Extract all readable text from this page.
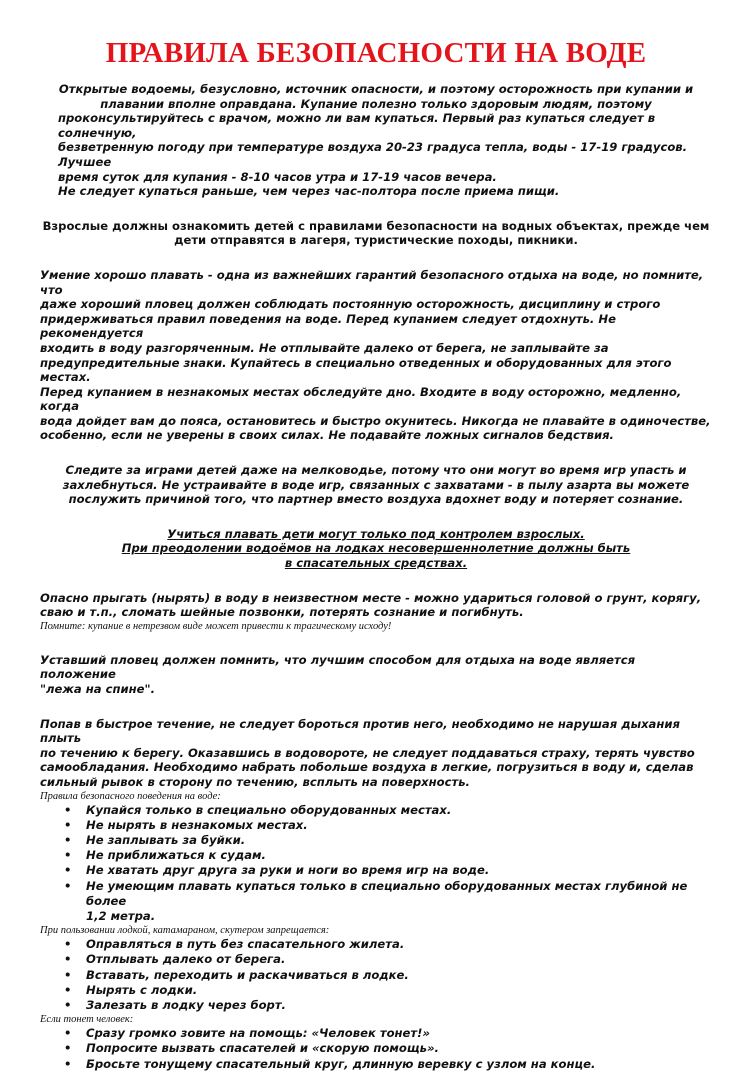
ПРАВИЛА БЕЗОПАСНОСТИ НА ВОДЕ

Открытые водоемы, безусловно, источник опасности, и поэтому осторожность при купании и

плавании вполне оправдана. Купание полезно только здоровым людям, поэтому

проконсультируйтесь с врачом, можно ли вам купаться. Первый раз купаться следует в солнечную,

безветренную погоду при температуре воздуха 20-23 градуса тепла, воды - 17-19 градусов. Лучшее

время суток для купания - 8-10 часов утра и 17-19 часов вечера.

Не следует купаться раньше, чем через час-полтора после приема пищи.

Взрослые должны ознакомить детей с правилами безопасности на водных объектах, прежде чем

дети отправятся в лагеря, туристические походы, пикники.

Умение хорошо плавать - одна из важнейших гарантий безопасного отдыха на воде, но помните, что

даже хороший пловец должен соблюдать постоянную осторожность, дисциплину и строго

придерживаться правил поведения на воде. Перед купанием следует отдохнуть. Не рекомендуется

входить в воду разгоряченным. Не отплывайте далеко от берега, не заплывайте за

предупредительные знаки. Купайтесь в специально отведенных и оборудованных для этого местах.

Перед купанием в незнакомых местах обследуйте дно. Входите в воду осторожно, медленно, когда

вода дойдет вам до пояса, остановитесь и быстро окунитесь. Никогда не плавайте в одиночестве,

особенно, если не уверены в своих силах. Не подавайте ложных сигналов бедствия.

Следите за играми детей даже на мелководье, потому что они могут во время игр упасть и

захлебнуться. Не устраивайте в воде игр, связанных с захватами - в пылу азарта вы можете

послужить причиной того, что партнер вместо воздуха вдохнет воду и потеряет сознание.

Учиться плавать дети могут только под контролем взрослых.

При преодолении водоёмов на лодках несовершеннолетние должны быть

в спасательных средствах.

Опасно прыгать (нырять) в воду в неизвестном месте - можно удариться головой о грунт, корягу,

сваю и т.п., сломать шейные позвонки, потерять сознание и погибнуть.

Помните: купание в нетрезвом виде может привести к трагическому исходу!

Уставший пловец должен помнить, что лучшим способом для отдыха на воде является положение

"лежа на спине".

Попав в быстрое течение, не следует бороться против него, необходимо не нарушая дыхания плыть

по течению к берегу. Оказавшись в водовороте, не следует поддаваться страху, терять чувство

самообладания. Необходимо набрать побольше воздуха в легкие, погрузиться в воду и, сделав

сильный рывок в сторону по течению, всплыть на поверхность.

Правила безопасного поведения на воде:

• Купайся только в специально оборудованных местах.
• Не нырять в незнакомых местах.
• Не заплывать за буйки.
• Не приближаться к судам.
• Не хватать друг друга за руки и ноги во время игр на воде.
• Не умеющим плавать купаться только в специально оборудованных местах глубиной не более
1,2 метра.

При пользовании лодкой, катамараном, скутером запрещается:

• Оправляться в путь без спасательного жилета.
• Отплывать далеко от берега.
• Вставать, переходить и раскачиваться в лодке.
• Нырять с лодки.
• Залезать в лодку через борт.

Если тонет человек:

• Сразу громко зовите на помощь: «Человек тонет!»
• Попросите вызвать спасателей и «скорую помощь».
• Бросьте тонущему спасательный круг, длинную веревку с узлом на конце.
